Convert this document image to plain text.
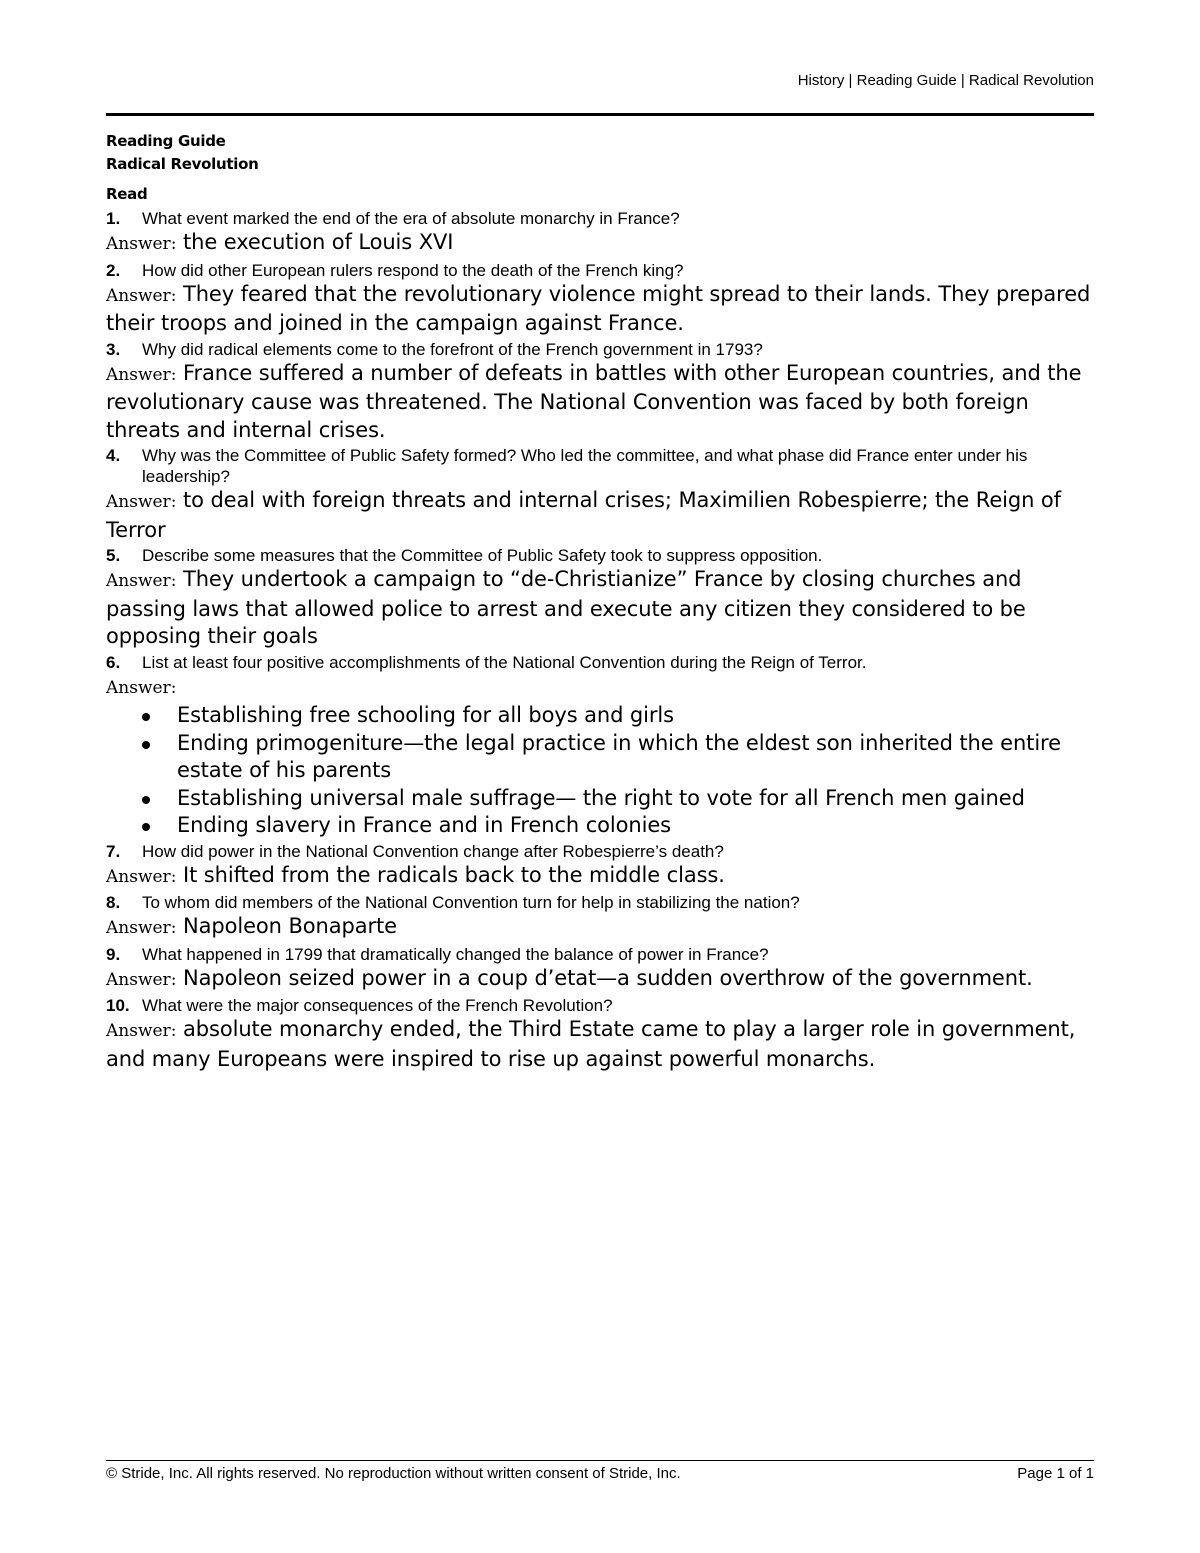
History | Reading Guide | Radical Revolution
Reading Guide
Radical Revolution
Read
1.	What event marked the end of the era of absolute monarchy in France?
Answer: the execution of Louis XVI
2.	How did other European rulers respond to the death of the French king?
Answer: They feared that the revolutionary violence might spread to their lands. They prepared their troops and joined in the campaign against France.
3.	Why did radical elements come to the forefront of the French government in 1793?
Answer: France suffered a number of defeats in battles with other European countries, and the revolutionary cause was threatened. The National Convention was faced by both foreign threats and internal crises.
4.	Why was the Committee of Public Safety formed? Who led the committee, and what phase did France enter under his leadership?
Answer: to deal with foreign threats and internal crises; Maximilien Robespierre; the Reign of Terror
5.	Describe some measures that the Committee of Public Safety took to suppress opposition.
Answer: They undertook a campaign to “de-Christianize” France by closing churches and passing laws that allowed police to arrest and execute any citizen they considered to be opposing their goals
6.	List at least four positive accomplishments of the National Convention during the Reign of Terror.
Answer:
Establishing free schooling for all boys and girls
Ending primogeniture—the legal practice in which the eldest son inherited the entire estate of his parents
Establishing universal male suffrage— the right to vote for all French men gained
Ending slavery in France and in French colonies
7.	How did power in the National Convention change after Robespierre’s death?
Answer: It shifted from the radicals back to the middle class.
8.	To whom did members of the National Convention turn for help in stabilizing the nation?
Answer: Napoleon Bonaparte
9.	What happened in 1799 that dramatically changed the balance of power in France?
Answer: Napoleon seized power in a coup d’etat—a sudden overthrow of the government.
10. What were the major consequences of the French Revolution?
Answer: absolute monarchy ended, the Third Estate came to play a larger role in government, and many Europeans were inspired to rise up against powerful monarchs.
© Stride, Inc. All rights reserved. No reproduction without written consent of Stride, Inc.	Page 1 of 1
